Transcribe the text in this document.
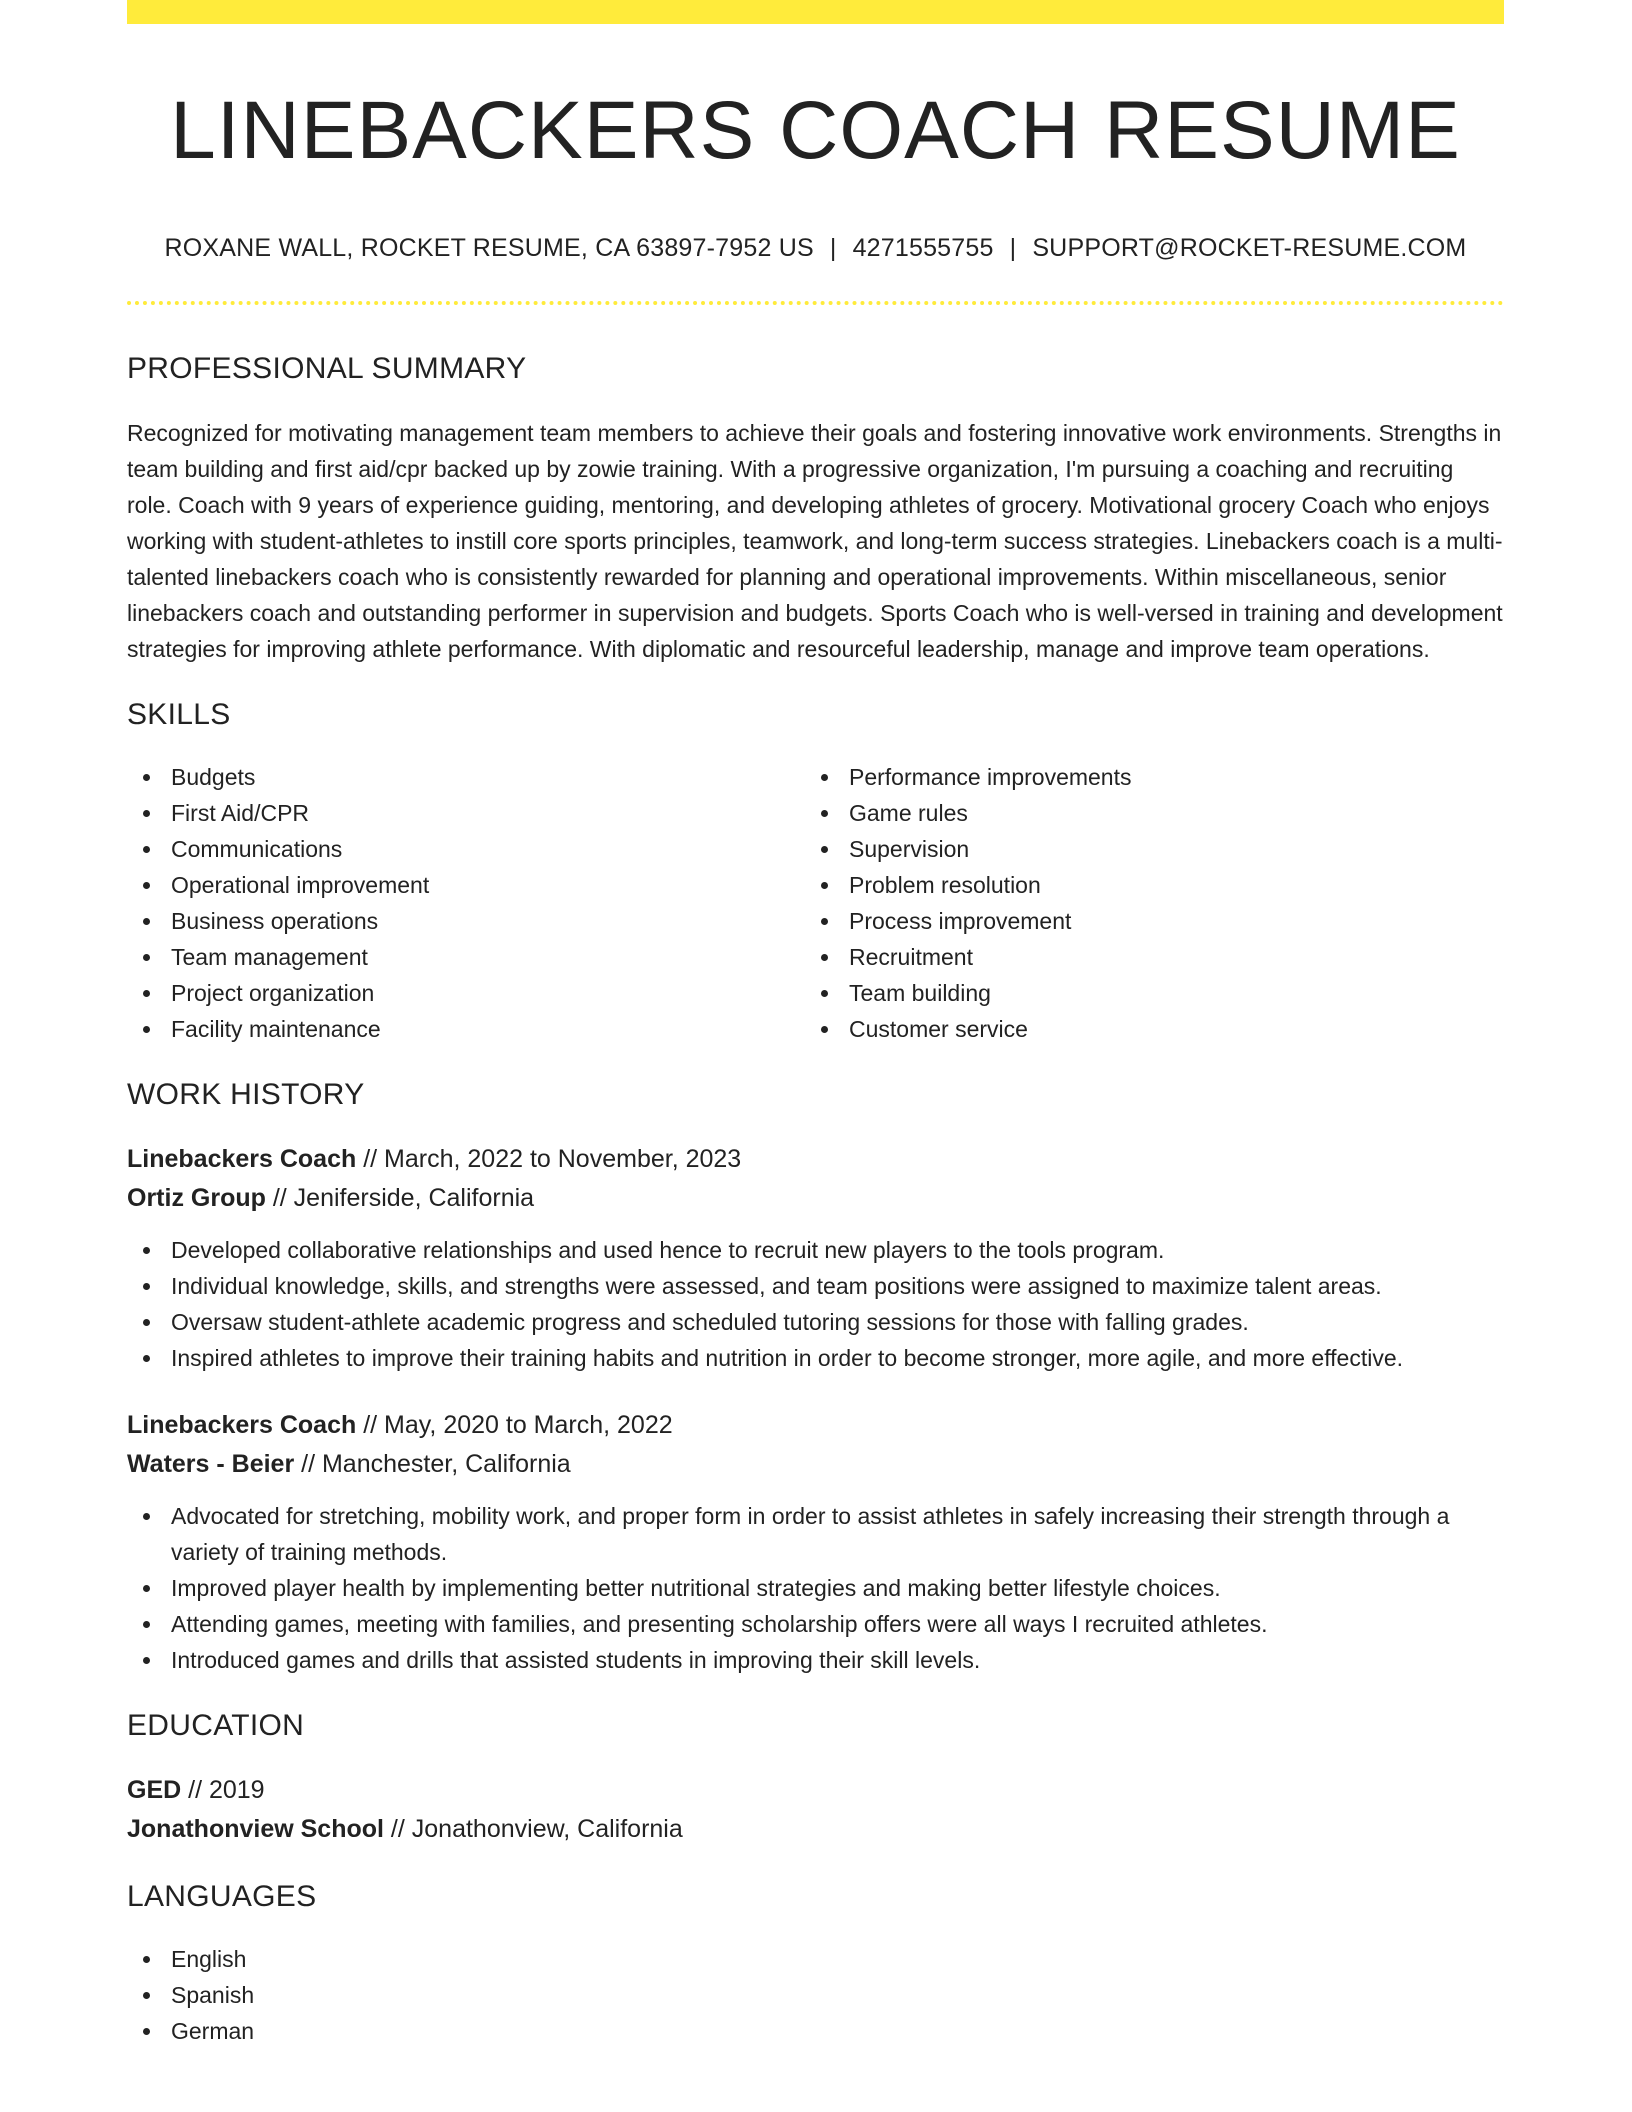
LINEBACKERS COACH RESUME
ROXANE WALL, ROCKET RESUME, CA 63897-7952 US | 4271555755 | SUPPORT@ROCKET-RESUME.COM
PROFESSIONAL SUMMARY
Recognized for motivating management team members to achieve their goals and fostering innovative work environments. Strengths in team building and first aid/cpr backed up by zowie training. With a progressive organization, I'm pursuing a coaching and recruiting role. Coach with 9 years of experience guiding, mentoring, and developing athletes of grocery. Motivational grocery Coach who enjoys working with student-athletes to instill core sports principles, teamwork, and long-term success strategies. Linebackers coach is a multi-talented linebackers coach who is consistently rewarded for planning and operational improvements. Within miscellaneous, senior linebackers coach and outstanding performer in supervision and budgets. Sports Coach who is well-versed in training and development strategies for improving athlete performance. With diplomatic and resourceful leadership, manage and improve team operations.
SKILLS
Budgets
First Aid/CPR
Communications
Operational improvement
Business operations
Team management
Project organization
Facility maintenance
Performance improvements
Game rules
Supervision
Problem resolution
Process improvement
Recruitment
Team building
Customer service
WORK HISTORY
Linebackers Coach // March, 2022 to November, 2023
Ortiz Group // Jeniferside, California
Developed collaborative relationships and used hence to recruit new players to the tools program.
Individual knowledge, skills, and strengths were assessed, and team positions were assigned to maximize talent areas.
Oversaw student-athlete academic progress and scheduled tutoring sessions for those with falling grades.
Inspired athletes to improve their training habits and nutrition in order to become stronger, more agile, and more effective.
Linebackers Coach // May, 2020 to March, 2022
Waters - Beier // Manchester, California
Advocated for stretching, mobility work, and proper form in order to assist athletes in safely increasing their strength through a variety of training methods.
Improved player health by implementing better nutritional strategies and making better lifestyle choices.
Attending games, meeting with families, and presenting scholarship offers were all ways I recruited athletes.
Introduced games and drills that assisted students in improving their skill levels.
EDUCATION
GED // 2019
Jonathonview School // Jonathonview, California
LANGUAGES
English
Spanish
German
